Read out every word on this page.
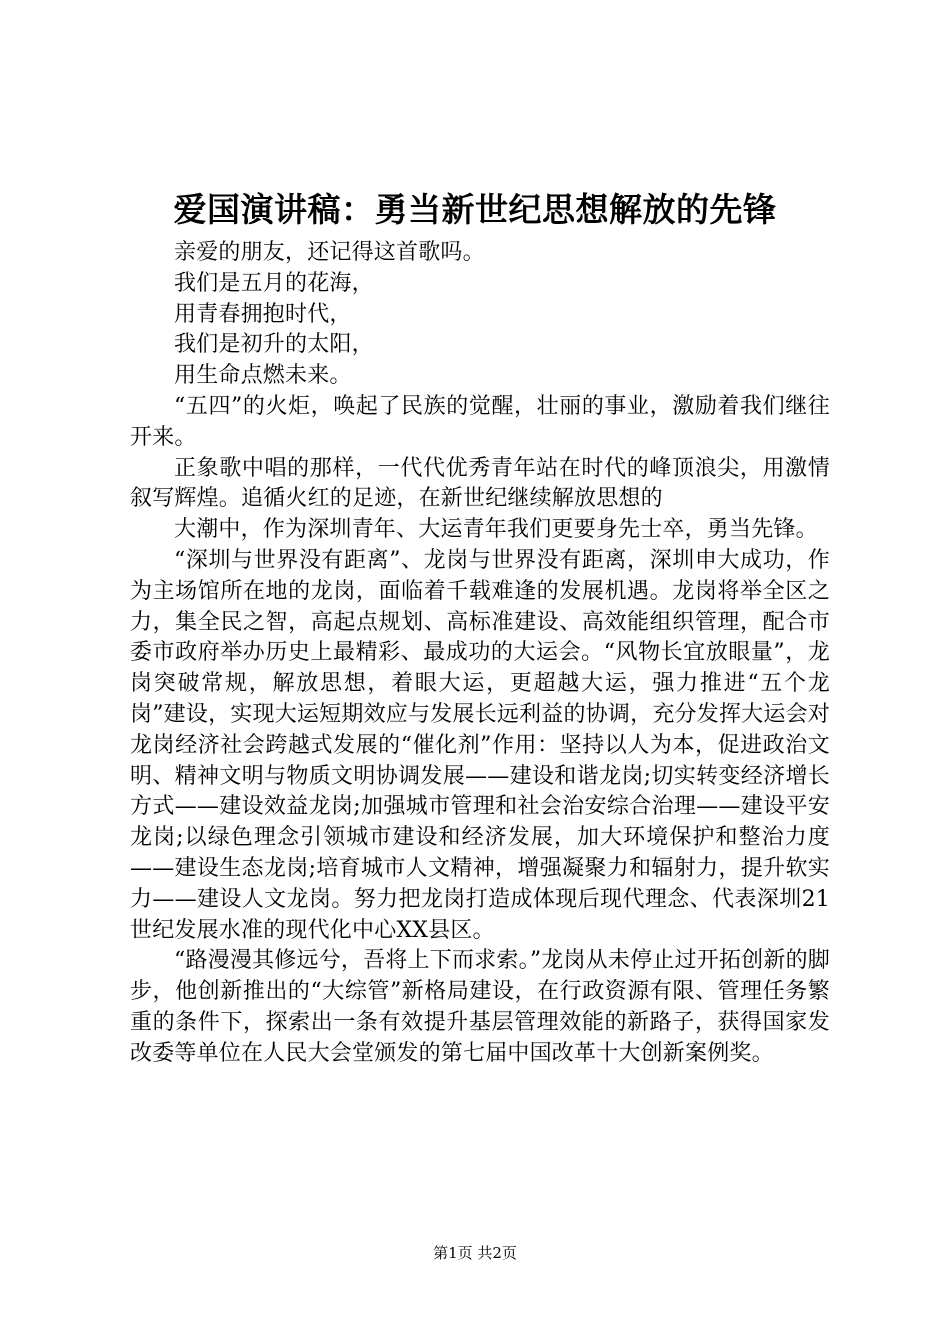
爱国演讲稿：勇当新世纪思想解放的先锋

亲爱的朋友，还记得这首歌吗。

我们是五月的花海，

用青春拥抱时代，

我们是初升的太阳，

用生命点燃未来。

“五四”的火炬，唤起了民族的觉醒，壮丽的事业，激励着我们继往开来。

正象歌中唱的那样，一代代优秀青年站在时代的峰顶浪尖，用激情叙写辉煌。追循火红的足迹，在新世纪继续解放思想的

大潮中，作为深圳青年、大运青年我们更要身先士卒，勇当先锋。

“深圳与世界没有距离”、龙岗与世界没有距离，深圳申大成功，作为主场馆所在地的龙岗，面临着千载难逢的发展机遇。龙岗将举全区之力，集全民之智，高起点规划、高标准建设、高效能组织管理，配合市委市政府举办历史上最精彩、最成功的大运会。“风物长宜放眼量”，龙岗突破常规，解放思想，着眼大运，更超越大运，强力推进“五个龙岗”建设，实现大运短期效应与发展长远利益的协调，充分发挥大运会对龙岗经济社会跨越式发展的“催化剂”作用：坚持以人为本，促进政治文明、精神文明与物质文明协调发展——建设和谐龙岗;切实转变经济增长方式——建设效益龙岗;加强城市管理和社会治安综合治理——建设平安龙岗;以绿色理念引领城市建设和经济发展，加大环境保护和整治力度——建设生态龙岗;培育城市人文精神，增强凝聚力和辐射力，提升软实力——建设人文龙岗。努力把龙岗打造成体现后现代理念、代表深圳21世纪发展水准的现代化中心XX县区。

“路漫漫其修远兮，吾将上下而求索。”龙岗从未停止过开拓创新的脚步，他创新推出的“大综管”新格局建设，在行政资源有限、管理任务繁重的条件下，探索出一条有效提升基层管理效能的新路子，获得国家发改委等单位在人民大会堂颁发的第七届中国改革十大创新案例奖。

第1页 共2页
